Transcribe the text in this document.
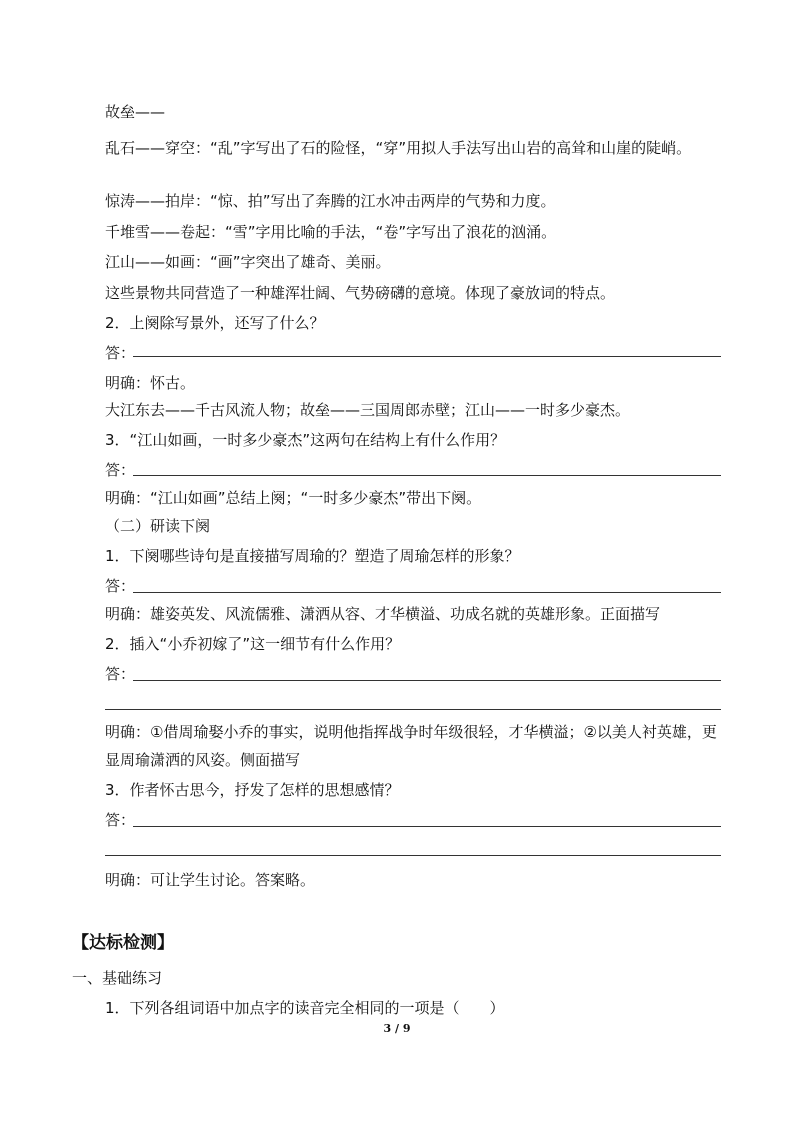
故垒——
乱石——穿空：“乱”字写出了石的险怪，“穿”用拟人手法写出山岩的高耸和山崖的陡峭。
惊涛——拍岸：“惊、拍”写出了奔腾的江水冲击两岸的气势和力度。
千堆雪——卷起：“雪”字用比喻的手法，“卷”字写出了浪花的汹涌。
江山——如画：“画”字突出了雄奇、美丽。
这些景物共同营造了一种雄浑壮阔、气势磅礴的意境。体现了豪放词的特点。
2．上阕除写景外，还写了什么？
答：
明确：怀古。
大江东去——千古风流人物；故垒——三国周郎赤壁；江山——一时多少豪杰。
3．“江山如画，一时多少豪杰”这两句在结构上有什么作用？
答：
明确：“江山如画”总结上阕；“一时多少豪杰”带出下阕。
（二）研读下阕
1．下阕哪些诗句是直接描写周瑜的？塑造了周瑜怎样的形象？
答：
明确：雄姿英发、风流儒雅、潇洒从容、才华横溢、功成名就的英雄形象。正面描写
2．插入“小乔初嫁了”这一细节有什么作用？
答：
明确：①借周瑜娶小乔的事实，说明他指挥战争时年级很轻，才华横溢；②以美人衬英雄，更显周瑜潇洒的风姿。侧面描写
3．作者怀古思今，抒发了怎样的思想感情？
答：
明确：可让学生讨论。答案略。
【达标检测】
一、基础练习
1．下列各组词语中加点字的读音完全相同的一项是（　　）
3 / 9
